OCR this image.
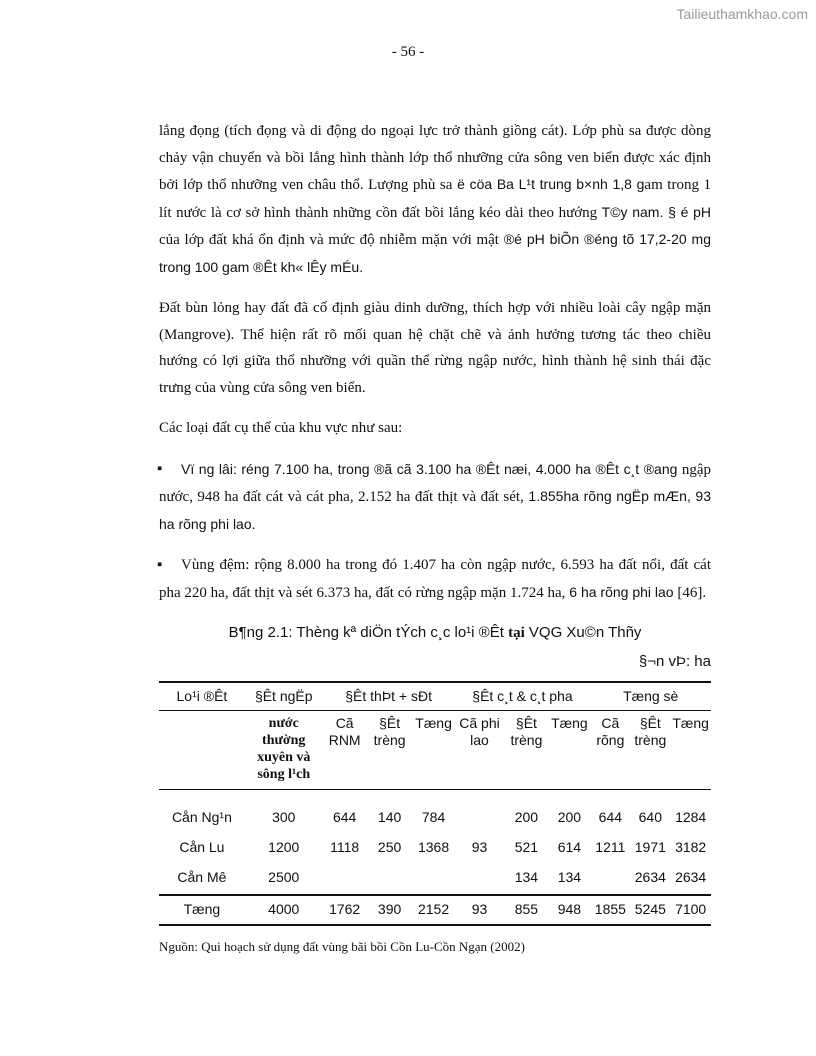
Tailieuthamkhao.com
- 56 -

lắng đọng (tích đọng và di động do ngoại lực trở thành giồng cát). Lớp phù sa được dòng chảy vận chuyển và bồi lắng hình thành lớp thổ nhưỡng cửa sông ven biển được xác định bởi lớp thổ nhưỡng ven châu thổ. Lượng phù sa ë cöa Ba L¹t trung b×nh 1,8 gam trong 1 lít nước là cơ sở hình thành những cồn đất bồi lắng kéo dài theo hướng T©y nam. § é pH của lớp đất khá ổn định và mức độ nhiễm mặn với mật ®é pH biÕn ®éng tõ 17,2-20 mg trong 100 gam ®Êt kh« lÊy mÉu.

Đất bùn lỏng hay đất đã cố định giàu dinh dưỡng, thích hợp với nhiều loài cây ngập mặn (Mangrove). Thể hiện rất rõ mối quan hệ chặt chẽ và ảnh hưởng tương tác theo chiều hướng có lợi giữa thổ nhưỡng với quần thể rừng ngập nước, hình thành hệ sinh thái đặc trưng của vùng cửa sông ven biển.

Các loại đất cụ thể của khu vực như sau:

▪	Vï ng lâi: réng 7.100 ha, trong ®ã cã 3.100 ha ®Êt næi, 4.000 ha ®Êt c¸t ®ang ngập nước, 948 ha đất cát và cát pha, 2.152 ha đất thịt và đất sét, 1.855ha rõng ngËp mÆn, 93 ha rõng phi lao.
▪	Vùng đệm: rộng 8.000 ha trong đó 1.407 ha còn ngập nước, 6.593 ha đất nổi, đất cát pha 220 ha, đất thịt và sét 6.373 ha, đất có rừng ngập mặn 1.724 ha, 6 ha rõng phi lao [46].
B¶ng 2.1: Thèng kª diÖn tÝch c¸c lo¹i ®Êt tại VQG Xu©n Thñy
§¬n vÞ: ha
Lo¹i ®Êt	§Êt ngËp	§Êt thÞt + sÐt			§Êt c¸t & c¸t pha			Tæng sè		
	nước thường xuyên và sông l¹ch	Cã RNM	§Êt trèng	Tæng	Cã phi lao	§Êt trèng	Tæng	Cã rõng	§Êt trèng	Tæng
Cån Ng¹n	300	644	140	784		200	200	644	640	1284
Cån Lu	1200	1118	250	1368	93	521	614	1211	1971	3182
Cån Mê	2500					134	134		2634	2634
Tæng	4000	1762	390	2152	93	855	948	1855	5245	7100
Nguồn: Qui hoạch sử dụng đất vùng bãi bồi Cồn Lu-Cồn Ngạn (2002)
